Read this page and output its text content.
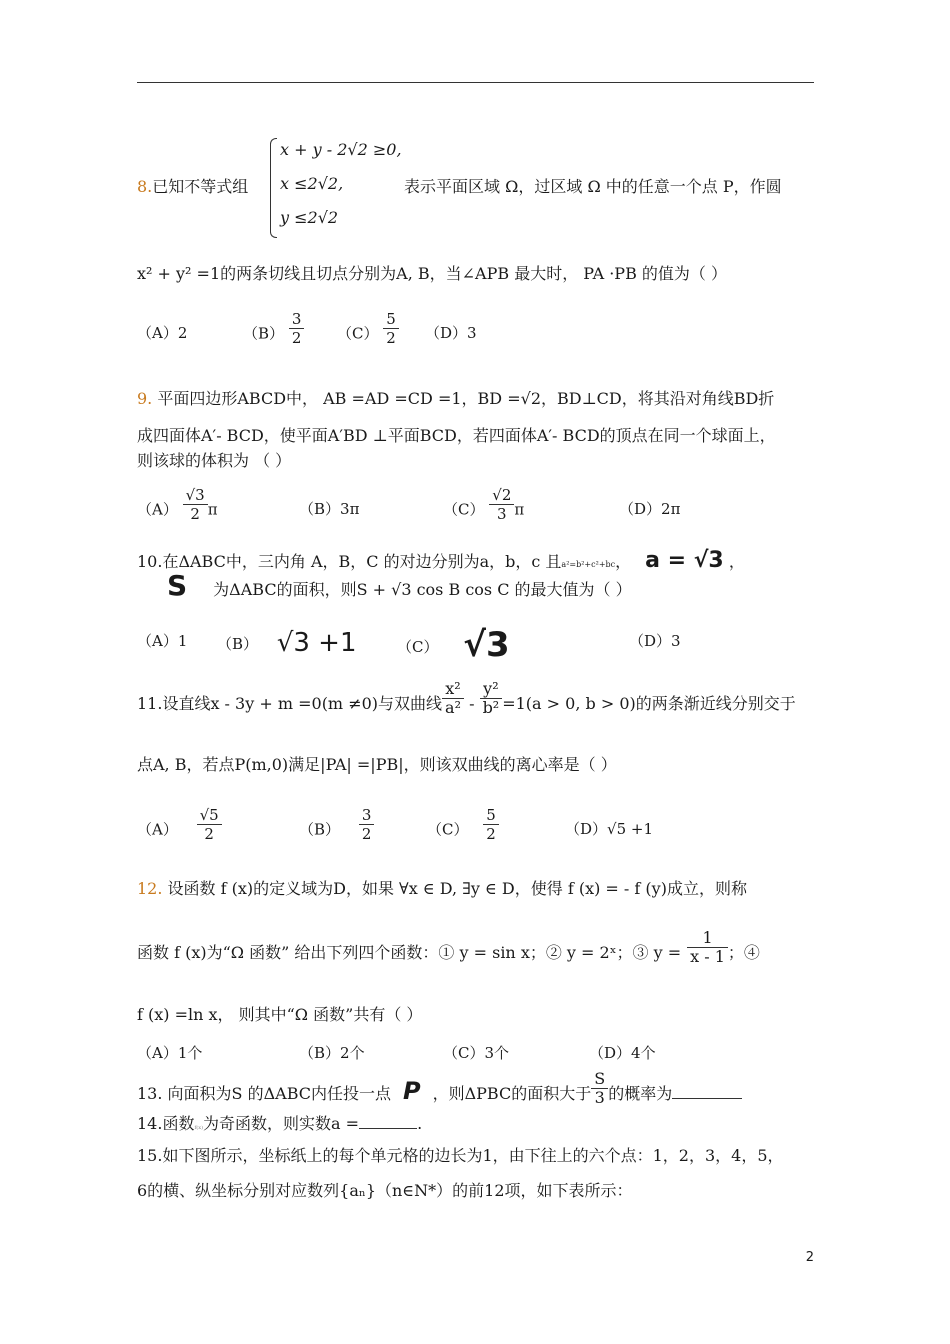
8.已知不等式组
x + y - 2√2 ≥0,
x ≤2√2,
y ≤2√2
表示平面区域 Ω，过区域 Ω 中的任意一个点 P，作圆
x² + y² =1的两条切线且切点分别为A, B，当∠APB 最大时， PA ·PB 的值为（ ）
（A）2	$(B) \frac{3}{2} (C) \frac{5}{2} (D)3$
9. 平面四边形ABCD中， AB =AD =CD =1，BD =√2，BD⊥CD，将其沿对角线BD折
成四面体A′- BCD，使平面A′BD ⊥平面BCD，若四面体A′- BCD的顶点在同一个球面上，
则该球的体积为 （ ）
$(A) \frac{√3}{2}$ π	（B）3π	$(C) \frac{√2}{3}$ π	（D）2π
10.在ΔABC中，三内角 A，B，C 的对边分别为a，b，c 且a²=b²+c²+bc， a = √3 ，
S 为ΔABC的面积，则S + √3 cos B cos C 的最大值为（ ）
（A）1 （B） √3 +1	（C） √3	（D）3
11.设直线x - 3y + m =0(m ≠0)与双曲线 $\frac{\text{x²}}{\text{a²}} - \frac{\text{y²}}{\text{b²}} =1(a > 0$, b > 0)的两条渐近线分别交于
点A, B，若点P(m,0)满足|PA| =|PB|，则该双曲线的离心率是（ ）
$(A) \frac{√5}{2}$	$(B) \frac{3}{2}$	$(C) \frac{5}{2}$	（D）√5 +1
12. 设函数 f (x)的定义域为D，如果 ∀x ∈ D, ∃y ∈ D，使得 f (x) = - f (y)成立，则称
函数 f (x)为“Ω 函数” 给出下列四个函数：① y = sin x；② y = 2ˣ；③ $y = \frac{1}{x - 1}$ ；④
f (x) =ln x， 则其中“Ω 函数”共有（ ）
（A）1个	（B）2个	（C）3个	（D）4个
13. 向面积为S 的ΔABC内任投一点 P ，则ΔPBC的面积大于 $\frac{S}{3}$ 的概率为
14.函数f(x)为奇函数，则实数a =	.
15.如下图所示，坐标纸上的每个单元格的边长为1，由下往上的六个点：1，2，3，4，5，
6的横、纵坐标分别对应数列{aₙ}（n∈N*）的前12项，如下表所示：
2
